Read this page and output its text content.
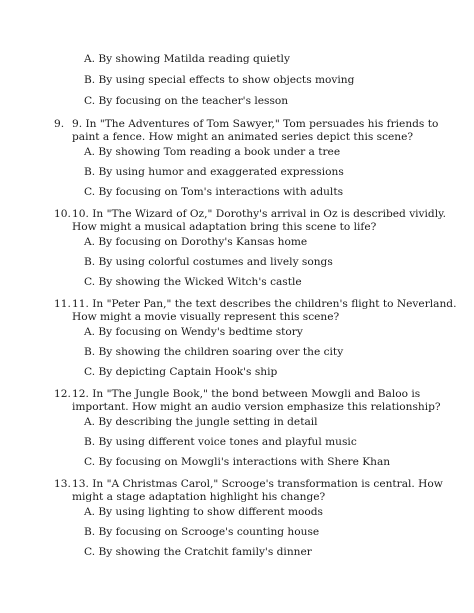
A. By showing Matilda reading quietly
B. By using special effects to show objects moving
C. By focusing on the teacher's lesson
9. 9. In "The Adventures of Tom Sawyer," Tom persuades his friends to
paint a fence. How might an animated series depict this scene?
A. By showing Tom reading a book under a tree
B. By using humor and exaggerated expressions
C. By focusing on Tom's interactions with adults
10. 10. In "The Wizard of Oz," Dorothy's arrival in Oz is described vividly.
How might a musical adaptation bring this scene to life?
A. By focusing on Dorothy's Kansas home
B. By using colorful costumes and lively songs
C. By showing the Wicked Witch's castle
11. 11. In "Peter Pan," the text describes the children's flight to Neverland.
How might a movie visually represent this scene?
A. By focusing on Wendy's bedtime story
B. By showing the children soaring over the city
C. By depicting Captain Hook's ship
12. 12. In "The Jungle Book," the bond between Mowgli and Baloo is
important. How might an audio version emphasize this relationship?
A. By describing the jungle setting in detail
B. By using different voice tones and playful music
C. By focusing on Mowgli's interactions with Shere Khan
13. 13. In "A Christmas Carol," Scrooge's transformation is central. How
might a stage adaptation highlight his change?
A. By using lighting to show different moods
B. By focusing on Scrooge's counting house
C. By showing the Cratchit family's dinner
